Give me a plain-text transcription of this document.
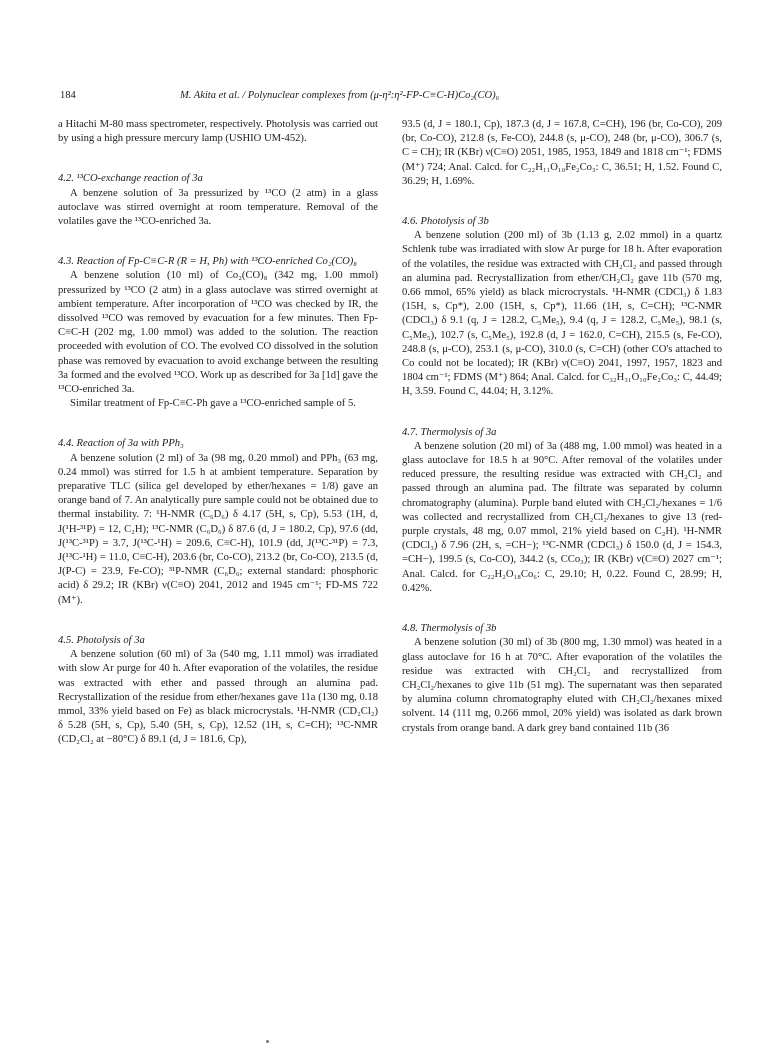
184	M. Akita et al. / Polynuclear complexes from (μ-η²:η²-FP-C≡C-H)Co₂(CO)₆

a Hitachi M-80 mass spectrometer, respectively. Photolysis was carried out by using a high pressure mercury lamp (USHIO UM-452).

4.2. ¹³CO-exchange reaction of 3a

A benzene solution of 3a pressurized by ¹³CO (2 atm) in a glass autoclave was stirred overnight at room temperature. Removal of the volatiles gave the ¹³CO-enriched 3a.

4.3. Reaction of Fp-C≡C-R (R = H, Ph) with ¹³CO-enriched Co₂(CO)₈

A benzene solution (10 ml) of Co₂(CO)₈ (342 mg, 1.00 mmol) pressurized by ¹³CO (2 atm) in a glass autoclave was stirred overnight at ambient temperature. After incorporation of ¹³CO was checked by IR, the dissolved ¹³CO was removed by evacuation for a few minutes. Then Fp-C≡C-H (202 mg, 1.00 mmol) was added to the solution. The reaction proceeded with evolution of CO. The evolved CO dissolved in the solution phase was removed by evacuation to avoid exchange between the resulting 3a formed and the evolved ¹³CO. Work up as described for 3a [1d] gave the ¹³CO-enriched 3a.

Similar treatment of Fp-C≡C-Ph gave a ¹³CO-enriched sample of 5.

4.4. Reaction of 3a with PPh₃

A benzene solution (2 ml) of 3a (98 mg, 0.20 mmol) and PPh₃ (63 mg, 0.24 mmol) was stirred for 1.5 h at ambient temperature. Separation by preparative TLC (silica gel developed by ether/hexanes = 1/8) gave an orange band of 7. An analytically pure sample could not be obtained due to thermal instability. 7: ¹H-NMR (C₆D₆) δ 4.17 (5H, s, Cp), 5.53 (1H, d, J(¹H-³¹P) = 12, C₂H); ¹³C-NMR (C₆D₆) δ 87.6 (d, J = 180.2, Cp), 97.6 (dd, J(¹³C-³¹P) = 3.7, J(¹³C-¹H) = 209.6, C≡C-H), 101.9 (dd, J(¹³C-³¹P) = 7.3, J(¹³C-¹H) = 11.0, C≡C-H), 203.6 (br, Co-CO), 213.2 (br, Co-CO), 213.5 (d, J(P-C) = 23.9, Fe-CO); ³¹P-NMR (C₆D₆; external standard: phosphoric acid) δ 29.2; IR (KBr) ν(C≡O) 2041, 2012 and 1945 cm⁻¹; FD-MS 722 (M⁺).

4.5. Photolysis of 3a

A benzene solution (60 ml) of 3a (540 mg, 1.11 mmol) was irradiated with slow Ar purge for 40 h. After evaporation of the volatiles, the residue was extracted with ether and passed through an alumina pad. Recrystallization of the residue from ether/hexanes gave 11a (130 mg, 0.18 mmol, 33% yield based on Fe) as black microcrystals. ¹H-NMR (CD₂Cl₂) δ 5.28 (5H, s, Cp), 5.40 (5H, s, Cp), 12.52 (1H, s, C=CH); ¹³C-NMR (CD₂Cl₂ at −80°C) δ 89.1 (d, J = 181.6, Cp),

93.5 (d, J = 180.1, Cp), 187.3 (d, J = 167.8, C=CH), 196 (br, Co-CO), 209 (br, Co-CO), 212.8 (s, Fe-CO), 244.8 (s, μ-CO), 248 (br, μ-CO), 306.7 (s, C = CH); IR (KBr) ν(C≡O) 2051, 1985, 1953, 1849 and 1818 cm⁻¹; FDMS (M⁺) 724; Anal. Calcd. for C₂₂H₁₁O₁₀Fe₂Co₃: C, 36.51; H, 1.52. Found C, 36.29; H, 1.69%.

4.6. Photolysis of 3b

A benzene solution (200 ml) of 3b (1.13 g, 2.02 mmol) in a quartz Schlenk tube was irradiated with slow Ar purge for 18 h. After evaporation of the volatiles, the residue was extracted with CH₂Cl₂ and passed through an alumina pad. Recrystallization from ether/CH₂Cl₂ gave 11b (570 mg, 0.66 mmol, 65% yield) as black microcrystals. ¹H-NMR (CDCl₃) δ 1.83 (15H, s, Cp*), 2.00 (15H, s, Cp*), 11.66 (1H, s, C=CH); ¹³C-NMR (CDCl₃) δ 9.1 (q, J = 128.2, C₅Me₅), 9.4 (q, J = 128.2, C₅Me₅), 98.1 (s, C₅Me₅), 102.7 (s, C₅Me₅), 192.8 (d, J = 162.0, C=CH), 215.5 (s, Fe-CO), 248.8 (s, μ-CO), 253.1 (s, μ-CO), 310.0 (s, C=CH) (other CO's attached to Co could not be located); IR (KBr) ν(C≡O) 2041, 1997, 1957, 1823 and 1804 cm⁻¹; FDMS (M⁺) 864; Anal. Calcd. for C₃₂H₃₁O₁₀Fe₂Co₃: C, 44.49; H, 3.59. Found C, 44.04; H, 3.12%.

4.7. Thermolysis of 3a

A benzene solution (20 ml) of 3a (488 mg, 1.00 mmol) was heated in a glass autoclave for 18.5 h at 90°C. After removal of the volatiles under reduced pressure, the resulting residue was extracted with CH₂Cl₂ and passed through an alumina pad. The filtrate was separated by column chromatography (alumina). Purple band eluted with CH₂Cl₂/hexanes = 1/6 was collected and recrystallized from CH₂Cl₂/hexanes to give 13 (red-purple crystals, 48 mg, 0.07 mmol, 21% yield based on C₂H). ¹H-NMR (CDCl₃) δ 7.96 (2H, s, =CH−); ¹³C-NMR (CDCl₃) δ 150.0 (d, J = 154.3, =CH−), 199.5 (s, Co-CO), 344.2 (s, CCo₃); IR (KBr) ν(C≡O) 2027 cm⁻¹; Anal. Calcd. for C₂₂H₂O₁₈Co₆: C, 29.10; H, 0.22. Found C, 28.99; H, 0.42%.

4.8. Thermolysis of 3b

A benzene solution (30 ml) of 3b (800 mg, 1.30 mmol) was heated in a glass autoclave for 16 h at 70°C. After evaporation of the volatiles the residue was extracted with CH₂Cl₂ and recrystallized from CH₂Cl₂/hexanes to give 11b (51 mg). The supernatant was then separated by alumina column chromatography eluted with CH₂Cl₂/hexanes mixed solvent. 14 (111 mg, 0.266 mmol, 20% yield) was isolated as dark brown crystals from orange band. A dark grey band contained 11b (36
